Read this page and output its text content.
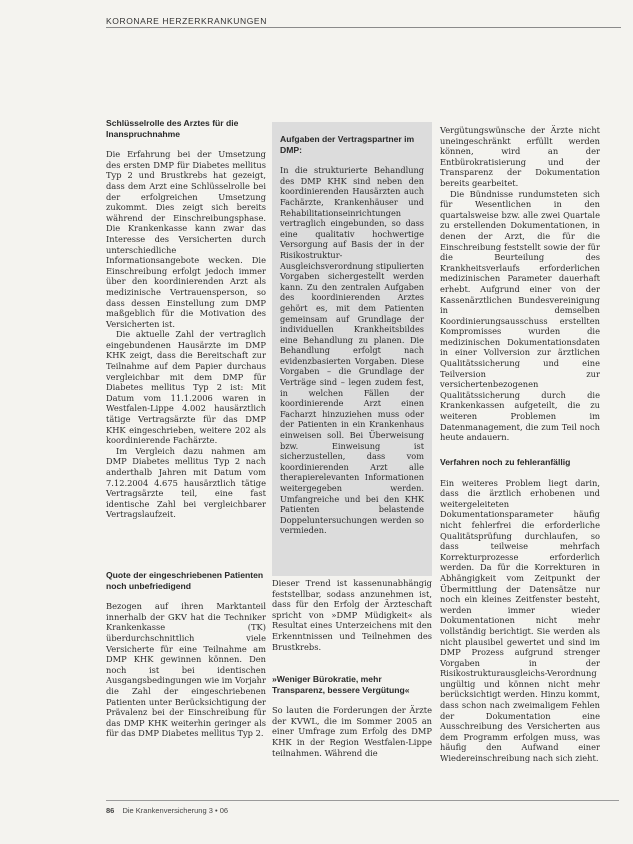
KORONARE HERZERKRANKUNGEN
Schlüsselrolle des Arztes für die Inanspruchnahme

Die Erfahrung bei der Umsetzung des ersten DMP für Diabetes mellitus Typ 2 und Brustkrebs hat gezeigt, dass dem Arzt eine Schlüsselrolle bei der erfolgreichen Umsetzung zukommt. Dies zeigt sich bereits während der Einschreibungsphase. Die Krankenkasse kann zwar das Interesse des Versicherten durch unterschiedliche Informationsangebote wecken. Die Einschreibung erfolgt jedoch immer über den koordinierenden Arzt als medizinische Vertrauensperson, so dass dessen Einstellung zum DMP maßgeblich für die Motivation des Versicherten ist.

Die aktuelle Zahl der vertraglich eingebundenen Hausärzte im DMP KHK zeigt, dass die Bereitschaft zur Teilnahme auf dem Papier durchaus vergleichbar mit dem DMP für Diabetes mellitus Typ 2 ist: Mit Datum vom 11.1.2006 waren in Westfalen-Lippe 4.002 hausärztlich tätige Vertragsärzte für das DMP KHK eingeschrieben, weitere 202 als koordinierende Fachärzte.

Im Vergleich dazu nahmen am DMP Diabetes mellitus Typ 2 nach anderthalb Jahren mit Datum vom 7.12.2004 4.675 hausärztlich tätige Vertragsärzte teil, eine fast identische Zahl bei vergleichbarer Vertragslaufzeit.

Quote der eingeschriebenen Patienten noch unbefriedigend

Bezogen auf ihren Marktanteil innerhalb der GKV hat die Techniker Krankenkasse (TK) überdurchschnittlich viele Versicherte für eine Teilnahme am DMP KHK gewinnen können. Den noch ist bei identischen Ausgangsbedingungen wie im Vorjahr die Zahl der eingeschriebenen Patienten unter Berücksichtigung der Prävalenz bei der Einschreibung für das DMP KHK weiterhin geringer als für das DMP Diabetes mellitus Typ 2.

Aufgaben der Vertragspartner im DMP:

In die strukturierte Behandlung des DMP KHK sind neben den koordinierenden Hausärzten auch Fachärzte, Krankenhäuser und Rehabilitationseinrichtungen vertraglich eingebunden, so dass eine qualitativ hochwertige Versorgung auf Basis der in der Risikostruktur-Ausgleichsverordnung stipulierten Vorgaben sichergestellt werden kann. Zu den zentralen Aufgaben des koordinierenden Arztes gehört es, mit dem Patienten gemeinsam auf Grundlage der individuellen Krankheitsbildes eine Behandlung zu planen. Die Behandlung erfolgt nach evidenzbasierten Vorgaben. Diese Vorgaben – die Grundlage der Verträge sind – legen zudem fest, in welchen Fällen der koordinierende Arzt einen Facharzt hinzuziehen muss oder der Patienten in ein Krankenhaus einweisen soll. Bei Überweisung bzw. Einweisung ist sicherzustellen, dass vom koordinierenden Arzt alle therapierelevanten Informationen weitergegeben werden. Umfangreiche und bei den KHK Patienten belastende Doppeluntersuchungen werden so vermieden.

Dieser Trend ist kassenunabhängig feststellbar, sodass anzunehmen ist, dass für den Erfolg der Ärzteschaft spricht von »DMP Müdigkeit« als Resultat eines Unterzeichens mit den Erkenntnissen und Teilnehmen des Brustkrebs.

»Weniger Bürokratie, mehr Transparenz, bessere Vergütung«

So lauten die Forderungen der Ärzte der KVWL, die im Sommer 2005 an einer Umfrage zum Erfolg des DMP KHK in der Region Westfalen-Lippe teilnahmen. Während die

Vergütungswünsche der Ärzte nicht uneingeschränkt erfüllt werden können, wird an der Entbürokratisierung und der Transparenz der Dokumentation bereits gearbeitet.

Die Bündnisse rundumsteten sich für Wesentlichen in den quartalsweise bzw. alle zwei Quartale zu erstellenden Dokumentationen, in denen der Arzt, die für die Einschreibung feststellt sowie der für die Beurteilung des Krankheitsverlaufs erforderlichen medizinischen Parameter dauerhaft erhebt. Aufgrund einer von der Kassenärztlichen Bundesvereinigung in demselben Koordinierungsausschuss erstellten Kompromisses wurden die medizinischen Dokumentationsdaten in einer Vollversion zur ärztlichen Qualitätssicherung und eine Teilversion zur versichertenbezogenen Qualitätssicherung durch die Krankenkassen aufgeteilt, die zu weiteren Problemen im Datenmanagement, die zum Teil noch heute andauern.

Verfahren noch zu fehleranfällig

Ein weiteres Problem liegt darin, dass die ärztlich erhobenen und weitergeleiteten Dokumentationsparameter häufig nicht fehlerfrei die erforderliche Qualitätsprüfung durchlaufen, so dass teilweise mehrfach Korrekturprozesse erforderlich werden. Da für die Korrekturen in Abhängigkeit vom Zeitpunkt der Übermittlung der Datensätze nur noch ein kleines Zeitfenster besteht, werden immer wieder Dokumentationen nicht mehr vollständig berichtigt. Sie werden als nicht plausibel gewertet und sind im DMP Prozess aufgrund strenger Vorgaben in der Risikostrukturausgleichs-Verordnung ungültig und können nicht mehr berücksichtigt werden. Hinzu kommt, dass schon nach zweimaligem Fehlen der Dokumentation eine Ausschreibung des Versicherten aus dem Programm erfolgen muss, was häufig den Aufwand einer Wiedereinschreibung nach sich zieht.

86 Die Krankenversicherung 3 • 06
